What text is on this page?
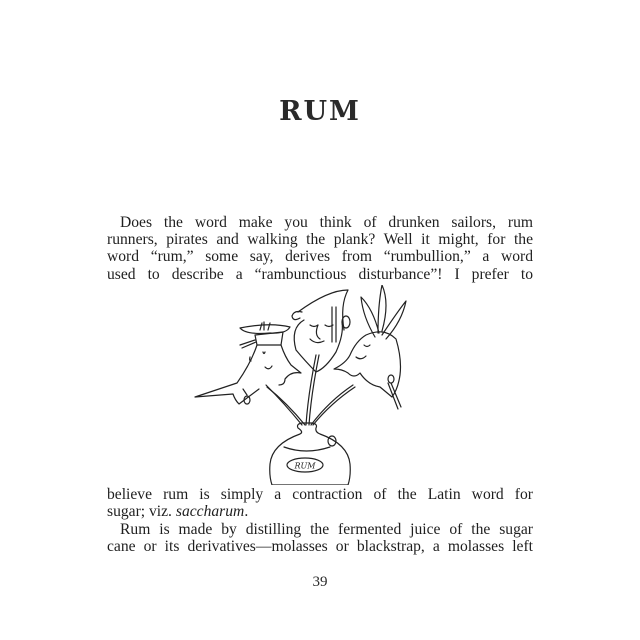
RUM
Does the word make you think of drunken sailors, rum
runners, pirates and walking the plank? Well it might, for the
word “rum,” some say, derives from “rumbullion,” a word
used to describe a “rambunctious disturbance”! I prefer to
RUM
believe rum is simply a contraction of the Latin word for
sugar; viz. saccharum.
Rum is made by distilling the fermented juice of the sugar
cane or its derivatives—molasses or blackstrap, a molasses left
39
